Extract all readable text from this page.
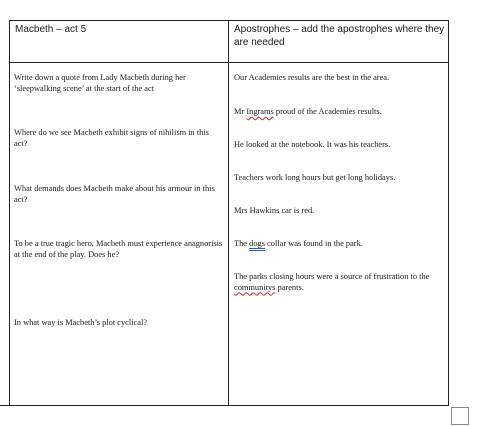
Macbeth – act 5	Apostrophes – add the apostrophes where they are needed
Write down a quote from Lady Macbeth during her ‘sleepwalking scene’ at the start of the act
Where do we see Macbeth exhibit signs of nihilism in this act?
What demands does Macbeth make about his armour in this act?
To be a true tragic hero, Macbeth must experience anagnorisis at the end of the play. Does he?
In what way is Macbeth’s plot cyclical?
Our Academies results are the best in the area.
Mr Ingrams proud of the Academies results.
He looked at the notebook. It was his teachers.
Teachers work long hours but get long holidays.
Mrs Hawkins car is red.
The dogs collar was found in the park.
The parks closing hours were a source of frustration to the communitys parents.
